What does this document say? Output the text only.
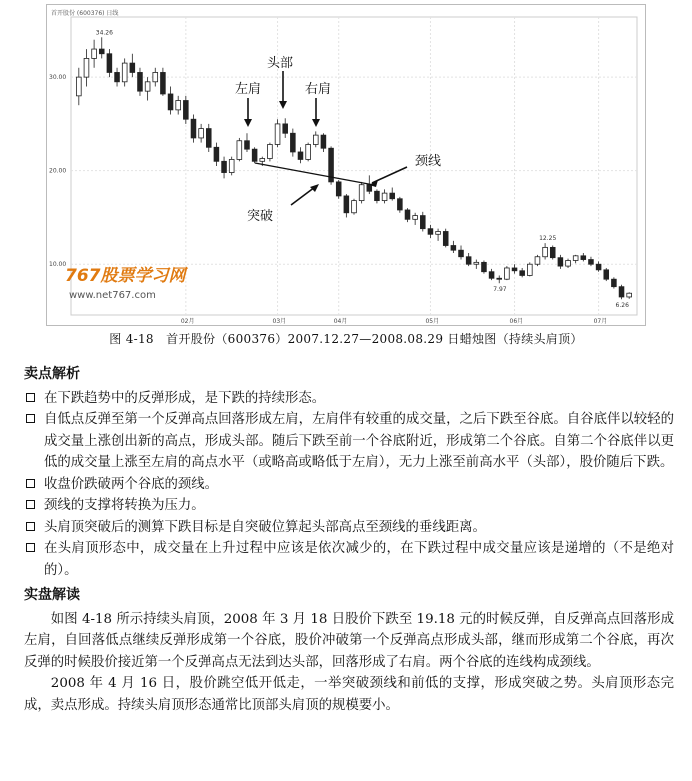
首开股份 (600376) 日线
30.00
20.00
10.00
02月	03月	04月	05月	06月	07月
左肩
头部
右肩
颈线
突破
767股票学习网
www.net767.com
34.26
12.25
7.97
6.26
图 4-18　首开股份（600376）2007.12.27—2008.08.29 日蜡烛图（持续头肩顶）
卖点解析
在下跌趋势中的反弹形成，是下跌的持续形态。
自低点反弹至第一个反弹高点回落形成左肩，左肩伴有较重的成交量，之后下跌至谷底。自谷底伴以较轻的成交量上涨创出新的高点，形成头部。随后下跌至前一个谷底附近，形成第二个谷底。自第二个谷底伴以更低的成交量上涨至左肩的高点水平（或略高或略低于左肩），无力上涨至前高水平（头部），股价随后下跌。
收盘价跌破两个谷底的颈线。
颈线的支撑将转换为压力。
头肩顶突破后的测算下跌目标是自突破位算起头部高点至颈线的垂线距离。
在头肩顶形态中，成交量在上升过程中应该是依次减少的，在下跌过程中成交量应该是递增的（不是绝对的）。
实盘解读

如图 4-18 所示持续头肩顶，2008 年 3 月 18 日股价下跌至 19.18 元的时候反弹，自反弹高点回落形成左肩，自回落低点继续反弹形成第一个谷底，股价冲破第一个反弹高点形成头部，继而形成第二个谷底，再次反弹的时候股价接近第一个反弹高点无法到达头部，回落形成了右肩。两个谷底的连线构成颈线。

2008 年 4 月 16 日，股价跳空低开低走，一举突破颈线和前低的支撑，形成突破之势。头肩顶形态完成，卖点形成。持续头肩顶形态通常比顶部头肩顶的规模要小。
